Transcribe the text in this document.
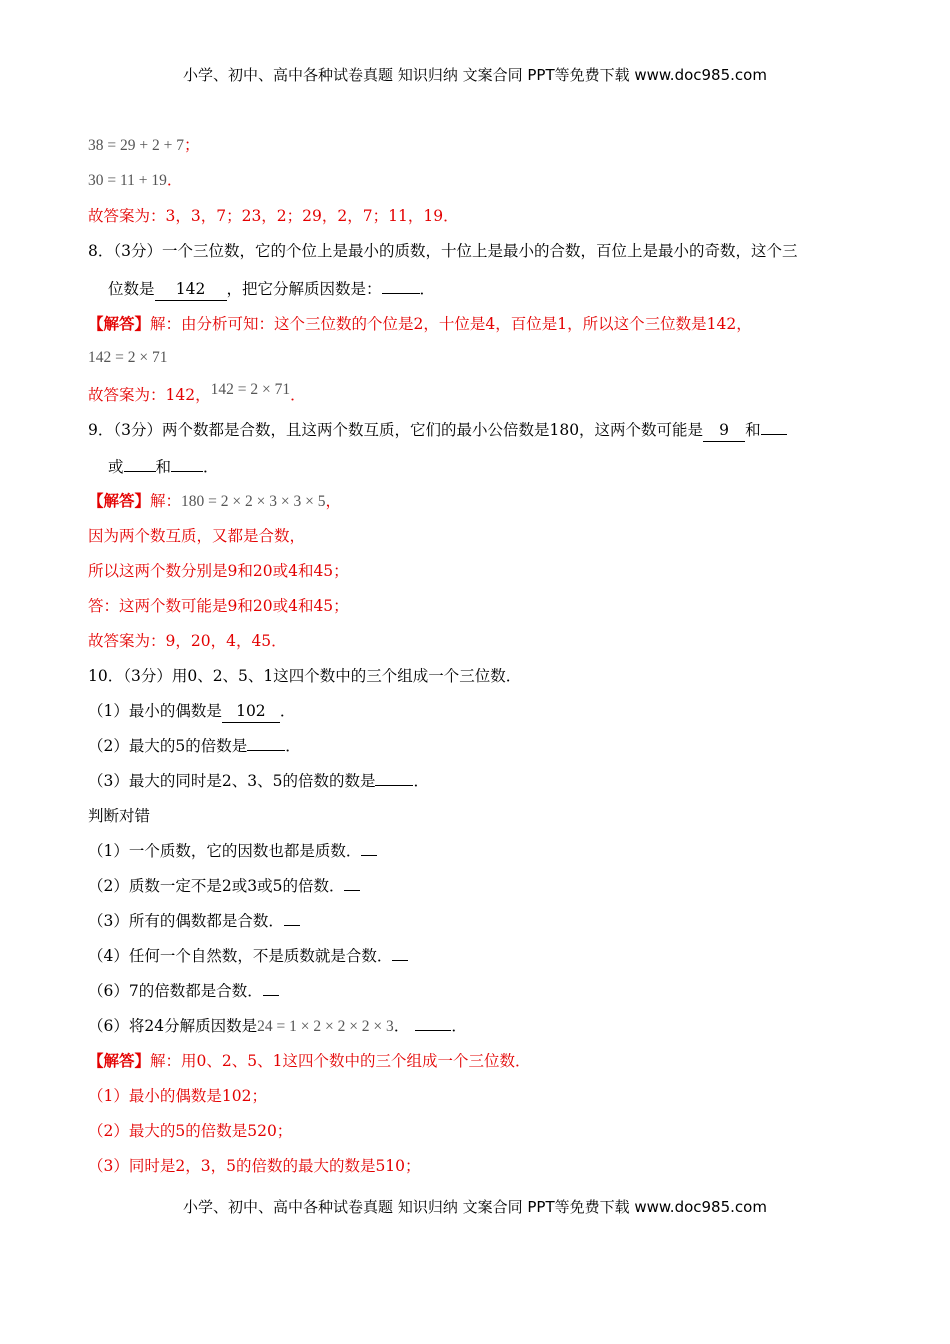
小学、初中、高中各种试卷真题 知识归纳 文案合同 PPT等免费下载 www.doc985.com
38 = 29 + 2 + 7；
30 = 11 + 19．
故答案为：3，3，7；23，2；29，2，7；11，19．
8．（3分）一个三位数，它的个位上是最小的质数，十位上是最小的合数，百位上是最小的奇数，这个三
位数是 142 ，把它分解质因数是： ．
【解答】解：由分析可知：这个三位数的个位是2，十位是4，百位是1，所以这个三位数是142，
142 = 2 × 71
故答案为：142，142 = 2 × 71．
9．（3分）两个数都是合数，且这两个数互质，它们的最小公倍数是180，这两个数可能是 9 和
或 和 ．
【解答】解：180 = 2 × 2 × 3 × 3 × 5，
因为两个数互质，又都是合数，
所以这两个数分别是9和20或4和45；
答：这两个数可能是9和20或4和45；
故答案为：9，20，4，45．
10．（3分）用0、2、5、1这四个数中的三个组成一个三位数．
（1）最小的偶数是 102 ．
（2）最大的5的倍数是 ．
（3）最大的同时是2、3、5的倍数的数是 ．
判断对错
（1）一个质数，它的因数也都是质数．
（2）质数一定不是2或3或5的倍数．
（3）所有的偶数都是合数．
（4）任何一个自然数，不是质数就是合数．
（6）7的倍数都是合数．
（6）将24分解质因数是24 = 1 × 2 × 2 × 2 × 3．	．
【解答】解：用0、2、5、1这四个数中的三个组成一个三位数．
（1）最小的偶数是102；
（2）最大的5的倍数是520；
（3）同时是2，3，5的倍数的最大的数是510；
小学、初中、高中各种试卷真题 知识归纳 文案合同 PPT等免费下载 www.doc985.com
